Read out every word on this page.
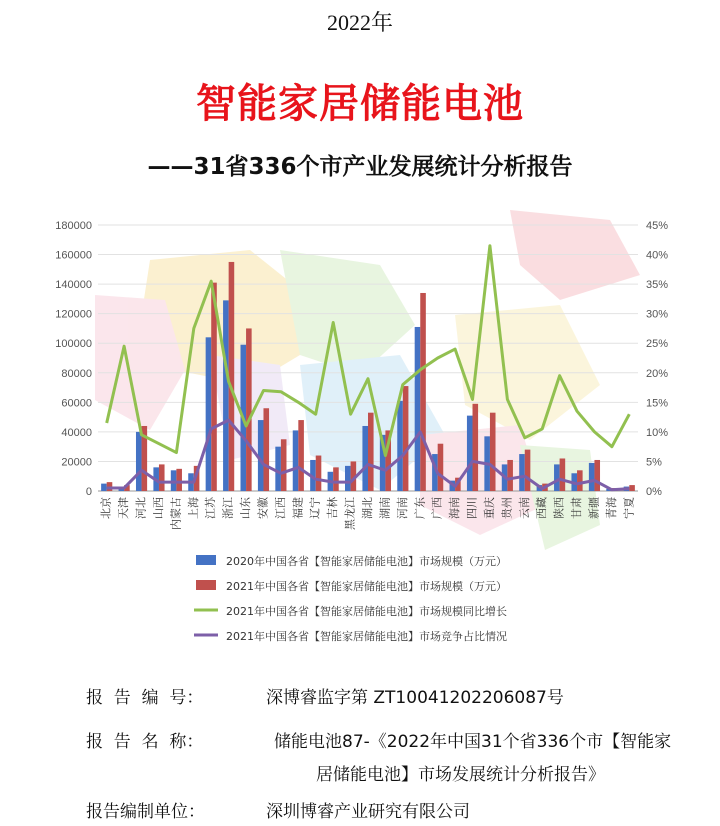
2022年
智能家居储能电池
——31省336个市产业发展统计分析报告
0
20000
40000
60000
80000
100000
120000
140000
160000
180000
0%
5%
10%
15%
20%
25%
30%
35%
40%
45%
北京 天津 河北 山西 内蒙古 上海 江苏 浙江 山东 安徽 江西 福建 辽宁 吉林 黑龙江 湖北 湖南 河南 广东 广西 海南 四川 重庆 贵州 云南 西藏 陕西 甘肃 新疆 青海 宁夏
2020年中国各省【智能家居储能电池】市场规模（万元）
2021年中国各省【智能家居储能电池】市场规模（万元）
2021年中国各省【智能家居储能电池】市场规模同比增长
2021年中国各省【智能家居储能电池】市场竞争占比情况
报  告  编  号：	深博睿监字第 ZT10041202206087号
报  告  名  称：	储能电池87-《2022年中国31个省336个市【智能家
居储能电池】市场发展统计分析报告》
报告编制单位：	深圳博睿产业研究有限公司
